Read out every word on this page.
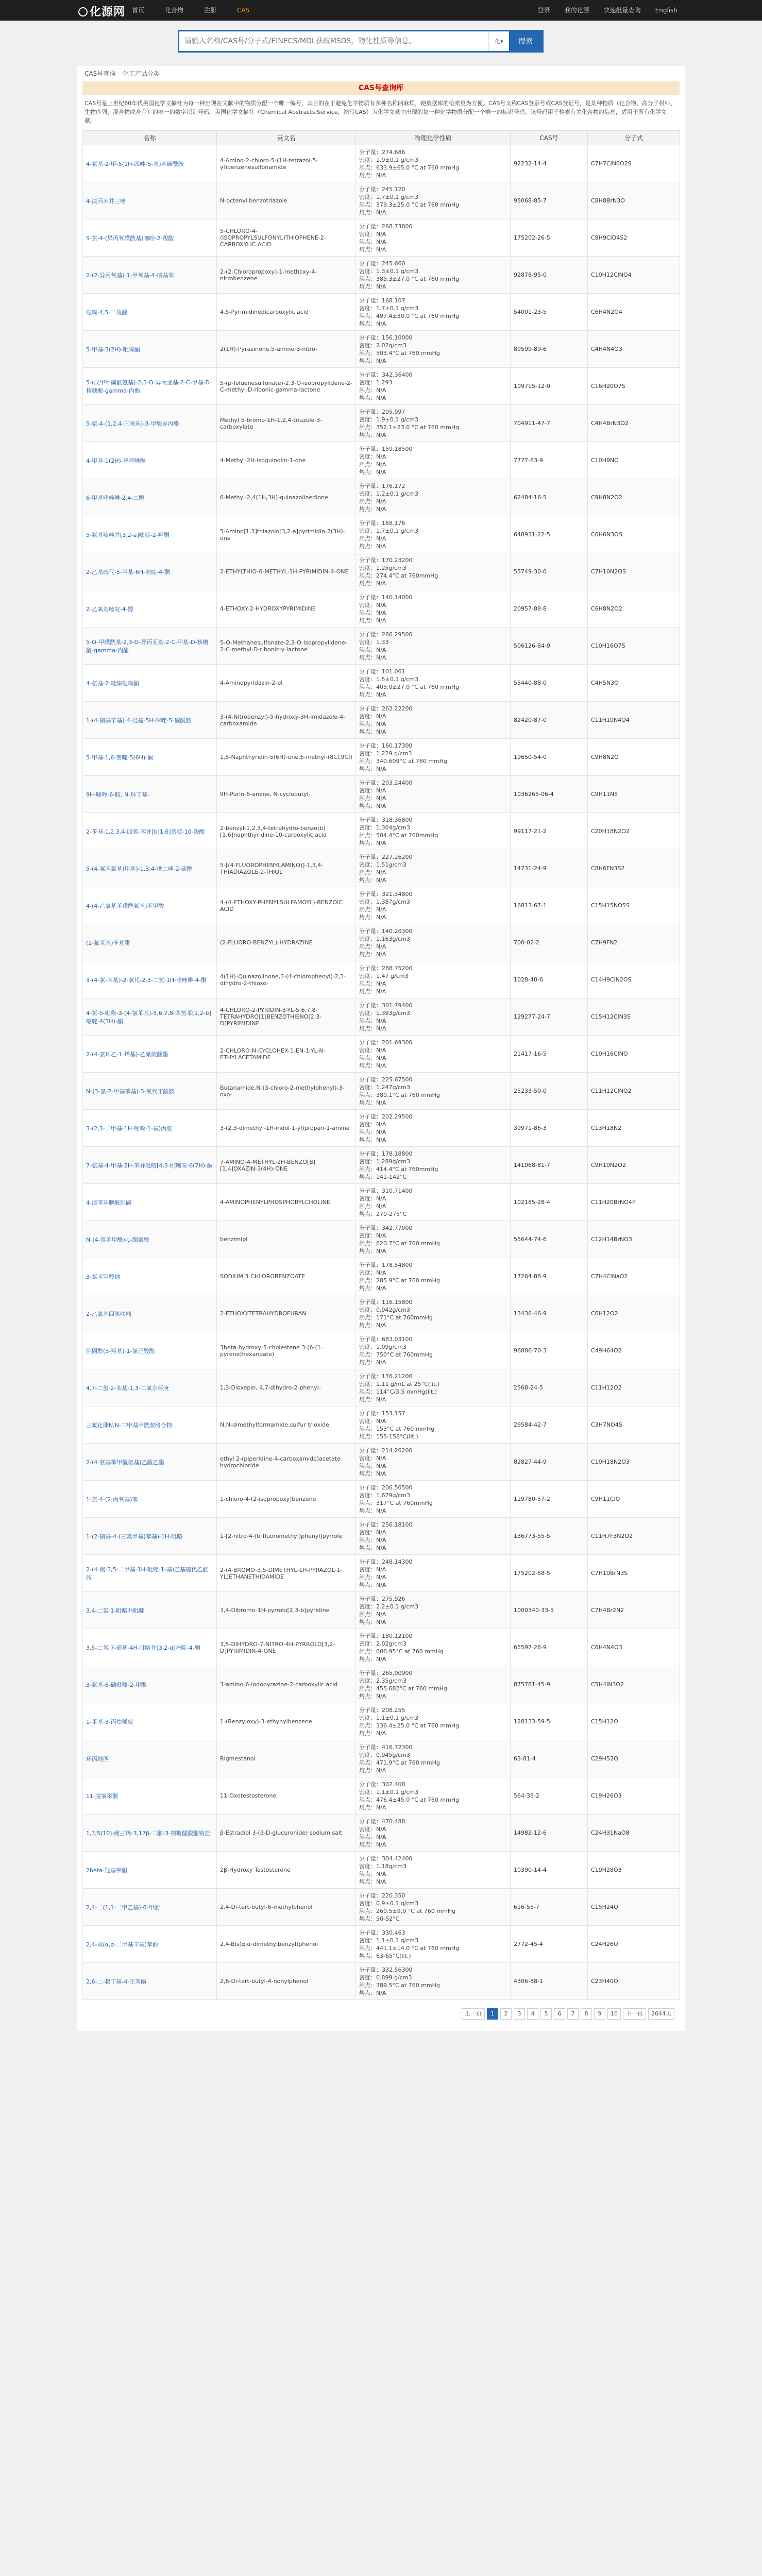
化源网	首页	化合物	注册	CAS	登录	我的化源	快速批量查询	English
请输入名称/CAS号/分子式/EINECS/MDL获取MSDS，物化性质等信息。
化 ▾	搜索
CAS号查询 化工产品分类
CAS号查询库
CAS号是上世纪80年代美国化学文摘社为每一种出现在文献中的物质分配一个唯一编号，其目的在于避免化学物质有多种名称的麻烦，使数据库的检索更为方便。CAS号又称CAS登录号或CAS登记号，是某种物质（化合物、高分子材料、生物序列、混合物或合金）的唯一的数字识别号码。美国化学文摘社（Chemical Abstracts Service，缩写CAS）为化学文献中出现的每一种化学物质分配一个唯一的标识号码。该号码用于检索有关化合物的信息，适用于所有化学文献。
名称	英文名	物理化学性质	CAS号	分子式
4-氨基-2-甲-5(1H-四唑-5-基)苯磺酰胺	4-Amino-2-chloro-5-(1H-tetrazol-5-yl)benzenesulfonamide	分子量：274.686
密度：1.9±0.1 g/cm3
沸点：633.9±65.0 °C at 760 mmHg
熔点：N/A	92232-14-4	C7H7ClN6O2S
4-溴丙苯并三唑	N-octenyl benzotriazole	分子量：245.120
密度：1.7±0.1 g/cm3
沸点：379.3±25.0 °C at 760 mmHg
熔点：N/A	95068-85-7	C8H8BrN3O
5-氯-4-(异丙氧磺酰基)噻吩-2-羧酸	5-CHLORO-4-(ISOPROPYLSULFONYL)THIOPHENE-2-CARBOXYLIC ACID	分子量：268.73800
密度：N/A
沸点：N/A
熔点：N/A	175202-26-5	C8H9ClO4S2
2-(2-异丙氧基)-1-甲氧基-4-硝基苯	2-(2-Chloropropoxy)-1-methoxy-4-nitrobenzene	分子量：245.660
密度：1.3±0.1 g/cm3
沸点：385.3±27.0 °C at 760 mmHg
熔点：N/A	92878-95-0	C10H12ClNO4
哒嗪-4,5-二羧酸	4,5-Pyrimidinedicarboxylic acid	分子量：168.107
密度：1.7±0.1 g/cm3
沸点：497.4±30.0 °C at 760 mmHg
熔点：N/A	54001-23-5	C6H4N2O4
5-甲基-3(2H)-吡嗪酮	2(1H)-Pyrazinone,5-amino-3-nitro-	分子量：156.10000
密度：2.02g/cm3
沸点：503.4°C at 760 mmHg
熔点：N/A	89599-89-6	C4H4N4O3
5-(戊甲甲磺酰氨基)-2,3-O-异丙亚基-2-C-甲基-D-核糖酸-gamma-内酯	5-(p-Toluenesulfonate)-2,3-O-isopropylidene-2-C-methyl-D-ribonic-gamma-lactone	分子量：342.36400
密度：1.293
沸点：N/A
熔点：N/A	109715-12-0	C16H20O7S
5-氨-4-(1,2,4-三唑基)-3-甲酸异丙酯	Methyl 5-bromo-1H-1,2,4-triazole-3-carboxylate	分子量：205.997
密度：1.9±0.1 g/cm3
沸点：352.1±23.0 °C at 760 mmHg
熔点：N/A	704911-47-7	C4H4BrN3O2
4-甲基-1(2H)-异喹啉酮	4-Methyl-2H-isoquinolin-1-one	分子量：159.18500
密度：N/A
沸点：N/A
熔点：N/A	7777-83-9	C10H9NO
6-甲基喹唑啉-2,4-二酮	6-Methyl-2,4(1H,3H)-quinazolinedione	分子量：176.172
密度：1.2±0.1 g/cm3
沸点：N/A
熔点：N/A	62484-16-5	C9H8N2O2
5-氨基噻唑并[3,2-a]嘧啶-2-羟酮	5-Amino[1,3]thiazolo[3,2-a]pyrimidin-2(3H)-one	分子量：168.176
密度：1.7±0.1 g/cm3
沸点：N/A
熔点：N/A	648931-22-5	C6H6N3OS
2-乙基硫代-5-甲基-6H-嘧啶-4-酮	2-ETHYLTHIO-6-METHYL-1H-PYRIMIDIN-4-ONE	分子量：170.23200
密度：1.25g/cm3
沸点：274.4°C at 760mmHg
熔点：N/A	55749-30-0	C7H10N2OS
2-乙氧基嘧啶-4-醇	4-ETHOXY-2-HYDROXYPYRIMIDINE	分子量：140.14000
密度：N/A
沸点：N/A
熔点：N/A	20957-88-8	C6H8N2O2
5-O-甲磺酰基-2,3-O-异丙亚基-2-C-甲基-D-核糖酸-gamma-内酯	5-O-Methanesulfonate-2,3-O-isopropylidene-2-C-methyl-D-ribonic-γ-lactone	分子量：266.29500
密度：1.33
沸点：N/A
熔点：N/A	506126-84-9	C10H16O7S
4-氨基-2-吡嗪哒嗪酮	4-Aminopyridazin-2-ol	分子量：101.061
密度：1.5±0.1 g/cm3
沸点：405.0±27.0 °C at 760 mmHg
熔点：N/A	55440-88-0	C4H5N3O
1-(4-硝基苄基)-4-羟基-5H-咪唑-5-碳酰胺	3-(4-Nitrobenzyl)-5-hydroxy-3H-imidazole-4-carboxamide	分子量：262.22200
密度：N/A
沸点：N/A
熔点：N/A	82420-87-0	C11H10N4O4
5-甲基-1,6-萘啶-5(6H)-酮	1,5-Naphthyridin-5(6H)-one,6-methyl-(8Cl,9CI)	分子量：160.17300
密度：1.229 g/cm3
沸点：340.609°C at 760 mmHg
熔点：N/A	19650-54-0	C9H8N2O
9H-嘌呤-6-胺, N-环丁基-	9H-Purin-6-amine, N-cyclobutyl-	分子量：203.24400
密度：N/A
沸点：N/A
熔点：N/A	1036265-06-4	C9H11N5
2-苄基-1,2,3,4-四氢-苯并[b]1,6]萘啶-10-羧酸	2-benzyl-1,2,3,4-tetrahydro-benzo[b][1,6]naphthyridine-10-carboxylic acid	分子量：318.36800
密度：1.304g/cm3
沸点：504.4°C at 760mmHg
熔点：N/A	99117-21-2	C20H18N2O2
5-(4-氟苯氨基)甲基)-1,3,4-噻二唑-2-硫醇	5-[(4-FLUOROPHENYLAMINO)]-1,3,4-THIADIAZOLE-2-THIOL	分子量：227.26200
密度：1.51g/cm3
沸点：N/A
熔点：N/A	14731-24-9	C8H6FN3S2
4-(4-乙氧基苯磺酰氨基)苯甲酸	4-(4-ETHOXY-PHENYLSULFAMOYL)-BENZOIC ACID	分子量：321.34800
密度：1.387g/cm3
沸点：N/A
熔点：N/A	16813-67-1	C15H15NO5S
(2-氟苯基)苄基肼	(2-FLUORO-BENZYL)-HYDRAZINE	分子量：140.20300
密度：1.163g/cm3
沸点：N/A
熔点：N/A	700-02-2	C7H9FN2
3-(4-氯-苯基)-2-氧代-2,3-二氢-1H-喹唑啉-4-酮	4(1H)-Quinazolinone,3-(4-chlorophenyl)-2,3-dihydro-2-thioxo-	分子量：288.75200
密度：1.47 g/cm3
沸点：N/A
熔点：N/A	1028-40-6	C14H9ClN2OS
4-氯-5-吡咯-3-(4-氯苯基)-5,6,7,8-四氢苯[1,2-b]嘧啶-4(3H)-酮	4-CHLORO-2-PYRIDIN-3-YL-5,6,7,8-TETRAHYDRO[1]BENZOTHIENO[2,3-D]PYRIMIDINE	分子量：301.79400
密度：1.393g/cm3
沸点：N/A
熔点：N/A	129277-24-7	C15H12ClN3S
2-(4-氯环乙-1-烯基)-乙氰硫酸酯	2-CHLORO-N-CYCLOHEX-1-EN-1-YL-N-ETHYLACETAMIDE	分子量：201.69300
密度：N/A
沸点：N/A
熔点：N/A	21417-16-5	C10H16ClNO
N-(3-氯-2-甲基苯基)-3-氧代丁酰胺	Butanamide,N-(3-chloro-2-methylphenyl)-3-oxo-	分子量：225.67500
密度：1.247g/cm3
沸点：380.1°C at 760 mmHg
熔点：N/A	25233-50-0	C11H12ClNO2
3-(2,3-二甲基-1H-吲哚-1-基)丙胺	3-(2,3-dimethyl-1H-indol-1-yl)propan-1-amine	分子量：202.29500
密度：N/A
沸点：N/A
熔点：N/A	39971-86-3	C13H18N2
7-氨基-4-甲基-2H-苯并吡咯[4,3-b]噻吩-6(7H)-酮	7-AMINO-4-METHYL-2H-BENZO[B][1,4]OXAZIN-3(4H)-ONE	分子量：178.18800
密度：1.289g/cm3
沸点：414.4°C at 760mmHg
熔点：141-142°C	141068-81-7	C9H10N2O2
4-溴苯基膦酰胆碱	4-AMINOPHENYLPHOSPHORYLCHOLINE	分子量：310.71400
密度：N/A
沸点：N/A
熔点：270-275°C	102185-28-4	C11H20BrNO4P
N-(4-溴苯甲酰)-L-缬氨酸	benzimipl	分子量：342.77000
密度：N/A
沸点：620.7°C at 760 mmHg
熔点：N/A	55644-74-6	C12H14BrNO3
3-氯苯甲酸钠	SODIUM 3-CHLOROBENZOATE	分子量：178.54800
密度：N/A
沸点：285.9°C at 760 mmHg
熔点：N/A	17264-88-9	C7H4ClNaO2
2-乙氧基四氢呋喃	2-ETHOXYTETRAHYDROFURAN	分子量：116.15800
密度：0.942g/cm3
沸点：171°C at 760mmHg
熔点：N/A	13436-46-9	C6H12O2
胆固醇(3-羟基)-1-氯己酸酯	3beta-hydroxy-5-cholestene 3-(6-(1-pyrene)hexanoate)	分子量：683.03100
密度：1.09g/cm3
沸点：750°C at 760mmHg
熔点：N/A	96886-70-3	C49H64O2
4,7-二氢-2-苯基-1,3-二氧杂环庚	1,3-Dioxepin, 4,7-dihydro-2-phenyl-	分子量：176.21200
密度：1.11 g/mL at 25°C(lit.)
沸点：114°C/3.5 mmHg(lit.)
熔点：N/A	2568-24-5	C11H12O2
三氟化硼N,N-二甲基甲酰胺络合物	N,N-dimethylformamide,sulfur trioxide	分子量：153.157
密度：N/A
沸点：153°C at 760 mmHg
熔点：155-158°C(lit.)	29584-42-7	C3H7NO4S
2-(4-氨基苯甲酰氨基)乙酸乙酯	ethyl 2-(piperidine-4-carboxamido)acetate hydrochloride	分子量：214.26200
密度：N/A
沸点：N/A
熔点：N/A	82827-44-9	C10H18N2O3
1-氯-4-(2-丙氧基)苯	1-chloro-4-(2-isopropoxy)benzene	分子量：206.50500
密度：1.679g/cm3
沸点：317°C at 760mmHg
熔点：N/A	119780-57-2	C9H11ClO
1-(2-硝基-4-(三氟甲基)苯基)-1H-吡咯	1-[2-nitro-4-(trifluoromethyl)phenyl]pyrrole	分子量：256.18100
密度：N/A
沸点：N/A
熔点：N/A	136773-55-5	C11H7F3N2O2
2-(4-溴-3,5-二甲基-1H-吡唑-1-基)乙基硫代乙酰胺	2-(4-BROMO-3,5-DIMETHYL-1H-PYRAZOL-1-YL)ETHANETHIOAMIDE	分子量：248.14300
密度：N/A
沸点：N/A
熔点：N/A	175202-68-5	C7H10BrN3S
3,4-二氯-1-吡咯并吡啶	3,4-Dibromo-1H-pyrrolo[2,3-b]pyridine	分子量：275.926
密度：2.2±0.1 g/cm3
沸点：N/A
熔点：N/A	1000340-33-5	C7H4Br2N2
3,5-二氢-7-硝基-4H-吡咯并[3,2-d]嘧啶-4-酮	3,5-DIHYDRO-7-NITRO-4H-PYRROLO[3,2-D]PYRIMIDIN-4-ONE	分子量：180.12100
密度：2.02g/cm3
沸点：606.95°C at 760 mmHg
熔点：N/A	65597-26-9	C6H4N4O3
3-氨基-6-碘吡嗪-2-甲酸	3-amino-6-iodopyrazine-2-carboxylic acid	分子量：265.00900
密度：2.35g/cm3
沸点：455.682°C at 760 mmHg
熔点：N/A	875781-45-9	C5H4IN3O2
1-苯基-3-丙炔哌啶	1-(Benzyloxy)-3-ethynylbenzene	分子量：208.255
密度：1.1±0.1 g/cm3
沸点：336.4±25.0 °C at 760 mmHg
熔点：N/A	128133-59-5	C15H12O
环丙地西	Rigmestanol	分子量：416.72300
密度：0.945g/cm3
沸点：471.9°C at 760 mmHg
熔点：N/A	63-81-4	C29H52O
11-脱氧睾酮	11-Oxotestosterone	分子量：302.408
密度：1.1±0.1 g/cm3
沸点：476.4±45.0 °C at 760 mmHg
熔点：N/A	564-35-2	C19H26O3
1,3,5(10)-雌三烯-3,17β-二醇-3-葡糖醛酸酯钠盐	β-Estradiol 3-(β-D-glucuronide) sodium salt	分子量：470.488
密度：N/A
沸点：N/A
熔点：N/A	14982-12-6	C24H31NaO8
2beta-羟基睾酮	2β-Hydroxy Testosterone	分子量：304.42400
密度：1.18g/cm3
沸点：N/A
熔点：N/A	10390-14-4	C19H28O3
2,4-二(1,1-二甲乙基)-6-甲酚	2,4-Di-tert-butyl-6-methylphenol	分子量：220.350
密度：0.9±0.1 g/cm3
沸点：260.5±9.0 °C at 760 mmHg
熔点：50-52°C	616-55-7	C15H24O
2,4-双(α,α-二甲基苄基)苯酚	2,4-Bis(α,α-dimethylbenzyl)phenol	分子量：330.463
密度：1.1±0.1 g/cm3
沸点：441.1±14.0 °C at 760 mmHg
熔点：63-65°C(lit.)	2772-45-4	C24H26O
2,6-二-叔丁基-4-壬苯酚	2,6-Di-tert-butyl-4-nonylphenol	分子量：332.56300
密度：0.899 g/cm3
沸点：389.5°C at 760 mmHg
熔点：N/A	4306-88-1	C23H40O
上一页	1	2	3	4	5	6	7	8	9	10	下一页	2644页
